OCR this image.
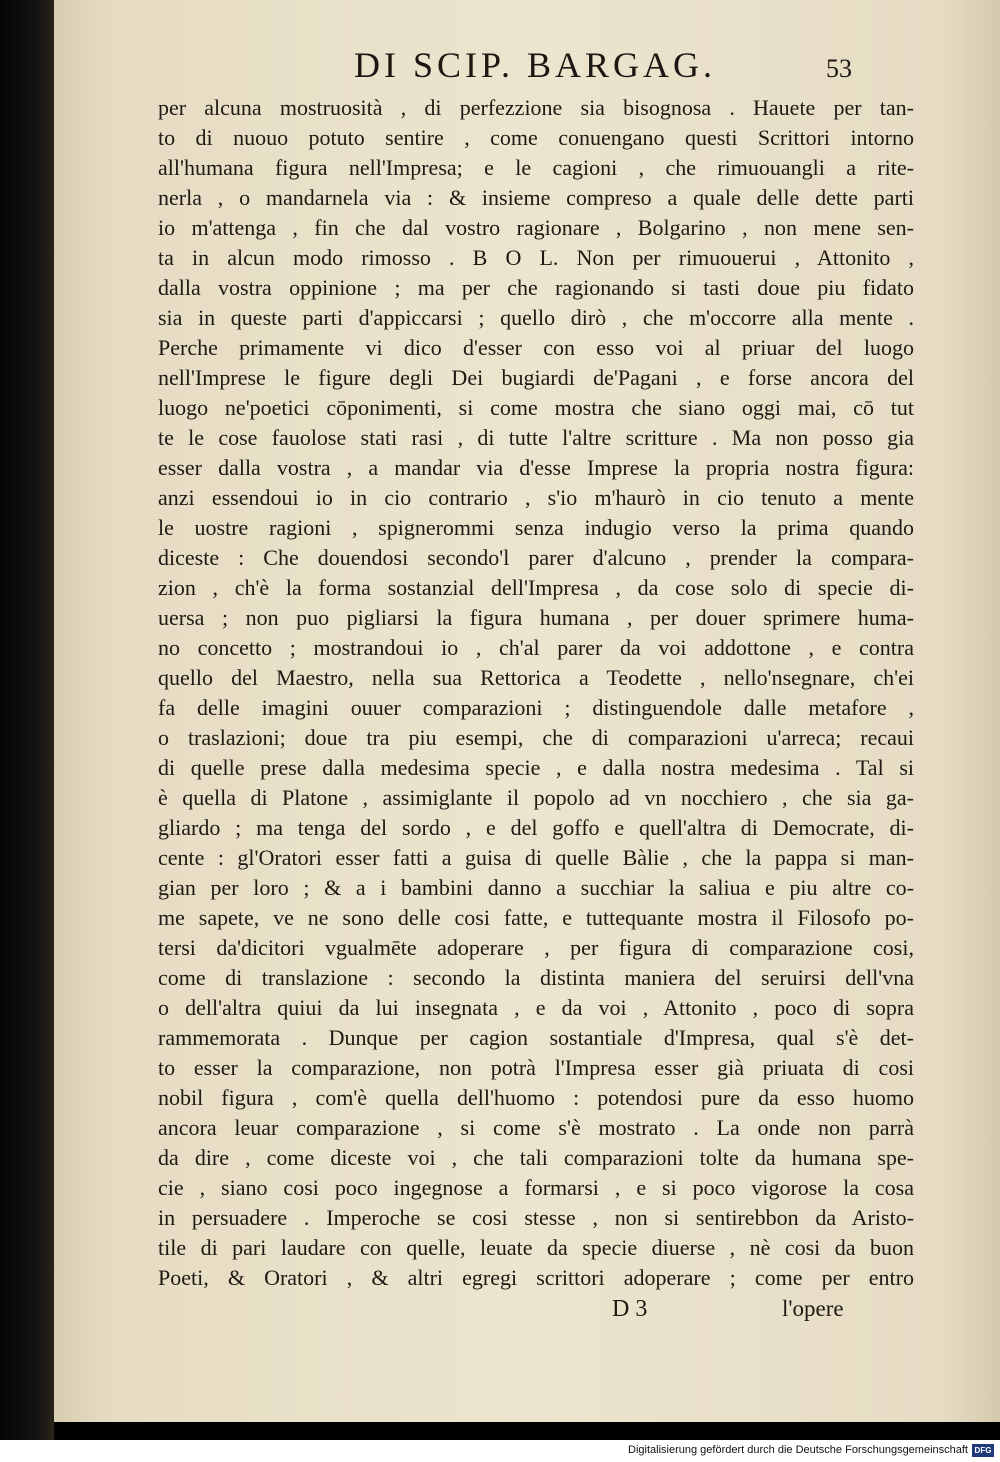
DI SCIP. BARGAG.	53
per alcuna mostruosità , di perfezzione sia bisognosa . Hauete per tan-
to di nuouo potuto sentire , come conuengano questi Scrittori intorno
all'humana figura nell'Impresa; e le cagioni , che rimuouangli a rite-
nerla , o mandarnela via : & insieme compreso a quale delle dette parti
io m'attenga , fin che dal vostro ragionare , Bolgarino , non mene sen-
ta in alcun modo rimosso . B O L. Non per rimuouerui , Attonito ,
dalla vostra oppinione ; ma per che ragionando si tasti doue piu fidato
sia in queste parti d'appiccarsi ; quello dirò , che m'occorre alla mente .
Perche primamente vi dico d'esser con esso voi al priuar del luogo
nell'Imprese le figure degli Dei bugiardi de'Pagani , e forse ancora del
luogo ne'poetici cōponimenti, si come mostra che siano oggi mai, cō tut
te le cose fauolose stati rasi , di tutte l'altre scritture . Ma non posso gia
esser dalla vostra , a mandar via d'esse Imprese la propria nostra figura:
anzi essendoui io in cio contrario , s'io m'haurò in cio tenuto a mente
le uostre ragioni , spignerommi senza indugio verso la prima quando
diceste : Che douendosi secondo'l parer d'alcuno , prender la compara-
zion , ch'è la forma sostanzial dell'Impresa , da cose solo di specie di-
uersa ; non puo pigliarsi la figura humana , per douer sprimere huma-
no concetto ; mostrandoui io , ch'al parer da voi addottone , e contra
quello del Maestro, nella sua Rettorica a Teodette , nello'nsegnare, ch'ei
fa delle imagini ouuer comparazioni ; distinguendole dalle metafore ,
o traslazioni; doue tra piu esempi, che di comparazioni u'arreca; recaui
di quelle prese dalla medesima specie , e dalla nostra medesima . Tal si
è quella di Platone , assimiglante il popolo ad vn nocchiero , che sia ga-
gliardo ; ma tenga del sordo , e del goffo e quell'altra di Democrate, di-
cente : gl'Oratori esser fatti a guisa di quelle Bàlie , che la pappa si man-
gian per loro ; & a i bambini danno a succhiar la saliua e piu altre co-
me sapete, ve ne sono delle cosi fatte, e tuttequante mostra il Filosofo po-
tersi da'dicitori vgualmēte adoperare , per figura di comparazione cosi,
come di translazione : secondo la distinta maniera del seruirsi dell'vna
o dell'altra quiui da lui insegnata , e da voi , Attonito , poco di sopra
rammemorata . Dunque per cagion sostantiale d'Impresa, qual s'è det-
to esser la comparazione, non potrà l'Impresa esser già priuata di cosi
nobil figura , com'è quella dell'huomo : potendosi pure da esso huomo
ancora leuar comparazione , si come s'è mostrato . La onde non parrà
da dire , come diceste voi , che tali comparazioni tolte da humana spe-
cie , siano cosi poco ingegnose a formarsi , e si poco vigorose la cosa
in persuadere . Imperoche se cosi stesse , non si sentirebbon da Aristo-
tile di pari laudare con quelle, leuate da specie diuerse , nè cosi da buon
Poeti, & Oratori , & altri egregi scrittori adoperare ; come per entro
D 3	l'opere
Digitalisierung gefördert durch die Deutsche Forschungsgemeinschaft DFG
